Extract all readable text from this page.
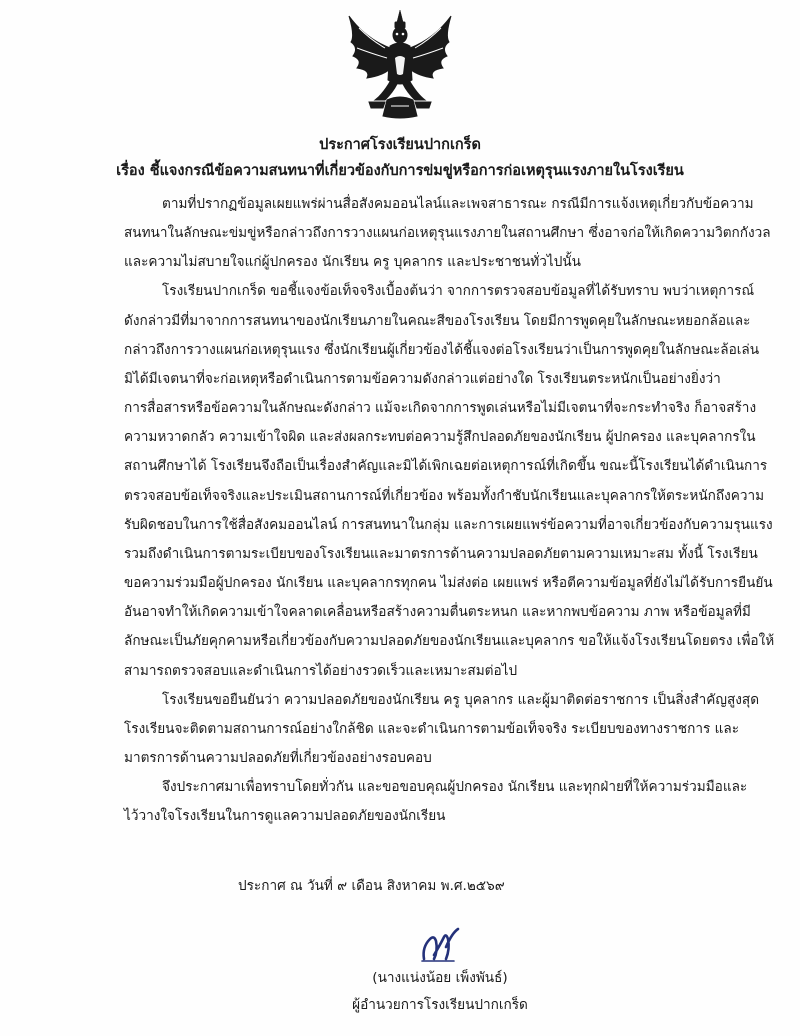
ประกาศโรงเรียนปากเกร็ด
เรื่อง ชี้แจงกรณีข้อความสนทนาที่เกี่ยวข้องกับการข่มขู่หรือการก่อเหตุรุนแรงภายในโรงเรียน

ตามที่ปรากฏข้อมูลเผยแพร่ผ่านสื่อสังคมออนไลน์และเพจสาธารณะ กรณีมีการแจ้งเหตุเกี่ยวกับข้อความ
สนทนาในลักษณะข่มขู่หรือกล่าวถึงการวางแผนก่อเหตุรุนแรงภายในสถานศึกษา ซึ่งอาจก่อให้เกิดความวิตกกังวล
และความไม่สบายใจแก่ผู้ปกครอง นักเรียน ครู บุคลากร และประชาชนทั่วไปนั้น

โรงเรียนปากเกร็ด ขอชี้แจงข้อเท็จจริงเบื้องต้นว่า จากการตรวจสอบข้อมูลที่ได้รับทราบ พบว่าเหตุการณ์
ดังกล่าวมีที่มาจากการสนทนาของนักเรียนภายในคณะสีของโรงเรียน โดยมีการพูดคุยในลักษณะหยอกล้อและ
กล่าวถึงการวางแผนก่อเหตุรุนแรง ซึ่งนักเรียนผู้เกี่ยวข้องได้ชี้แจงต่อโรงเรียนว่าเป็นการพูดคุยในลักษณะล้อเล่น
มิได้มีเจตนาที่จะก่อเหตุหรือดำเนินการตามข้อความดังกล่าวแต่อย่างใด โรงเรียนตระหนักเป็นอย่างยิ่งว่า
การสื่อสารหรือข้อความในลักษณะดังกล่าว แม้จะเกิดจากการพูดเล่นหรือไม่มีเจตนาที่จะกระทำจริง ก็อาจสร้าง
ความหวาดกลัว ความเข้าใจผิด และส่งผลกระทบต่อความรู้สึกปลอดภัยของนักเรียน ผู้ปกครอง และบุคลากรใน
สถานศึกษาได้ โรงเรียนจึงถือเป็นเรื่องสำคัญและมิได้เพิกเฉยต่อเหตุการณ์ที่เกิดขึ้น ขณะนี้โรงเรียนได้ดำเนินการ
ตรวจสอบข้อเท็จจริงและประเมินสถานการณ์ที่เกี่ยวข้อง พร้อมทั้งกำชับนักเรียนและบุคลากรให้ตระหนักถึงความ
รับผิดชอบในการใช้สื่อสังคมออนไลน์ การสนทนาในกลุ่ม และการเผยแพร่ข้อความที่อาจเกี่ยวข้องกับความรุนแรง
รวมถึงดำเนินการตามระเบียบของโรงเรียนและมาตรการด้านความปลอดภัยตามความเหมาะสม ทั้งนี้ โรงเรียน
ขอความร่วมมือผู้ปกครอง นักเรียน และบุคลากรทุกคน ไม่ส่งต่อ เผยแพร่ หรือตีความข้อมูลที่ยังไม่ได้รับการยืนยัน
อันอาจทำให้เกิดความเข้าใจคลาดเคลื่อนหรือสร้างความตื่นตระหนก และหากพบข้อความ ภาพ หรือข้อมูลที่มี
ลักษณะเป็นภัยคุกคามหรือเกี่ยวข้องกับความปลอดภัยของนักเรียนและบุคลากร ขอให้แจ้งโรงเรียนโดยตรง เพื่อให้
สามารถตรวจสอบและดำเนินการได้อย่างรวดเร็วและเหมาะสมต่อไป

โรงเรียนขอยืนยันว่า ความปลอดภัยของนักเรียน ครู บุคลากร และผู้มาติดต่อราชการ เป็นสิ่งสำคัญสูงสุด
โรงเรียนจะติดตามสถานการณ์อย่างใกล้ชิด และจะดำเนินการตามข้อเท็จจริง ระเบียบของทางราชการ และ
มาตรการด้านความปลอดภัยที่เกี่ยวข้องอย่างรอบคอบ

จึงประกาศมาเพื่อทราบโดยทั่วกัน และขอขอบคุณผู้ปกครอง นักเรียน และทุกฝ่ายที่ให้ความร่วมมือและ
ไว้วางใจโรงเรียนในการดูแลความปลอดภัยของนักเรียน

ประกาศ ณ วันที่ ๙ เดือน สิงหาคม พ.ศ.๒๕๖๙
(นางแน่งน้อย เพ็งพันธ์)
ผู้อำนวยการโรงเรียนปากเกร็ด
